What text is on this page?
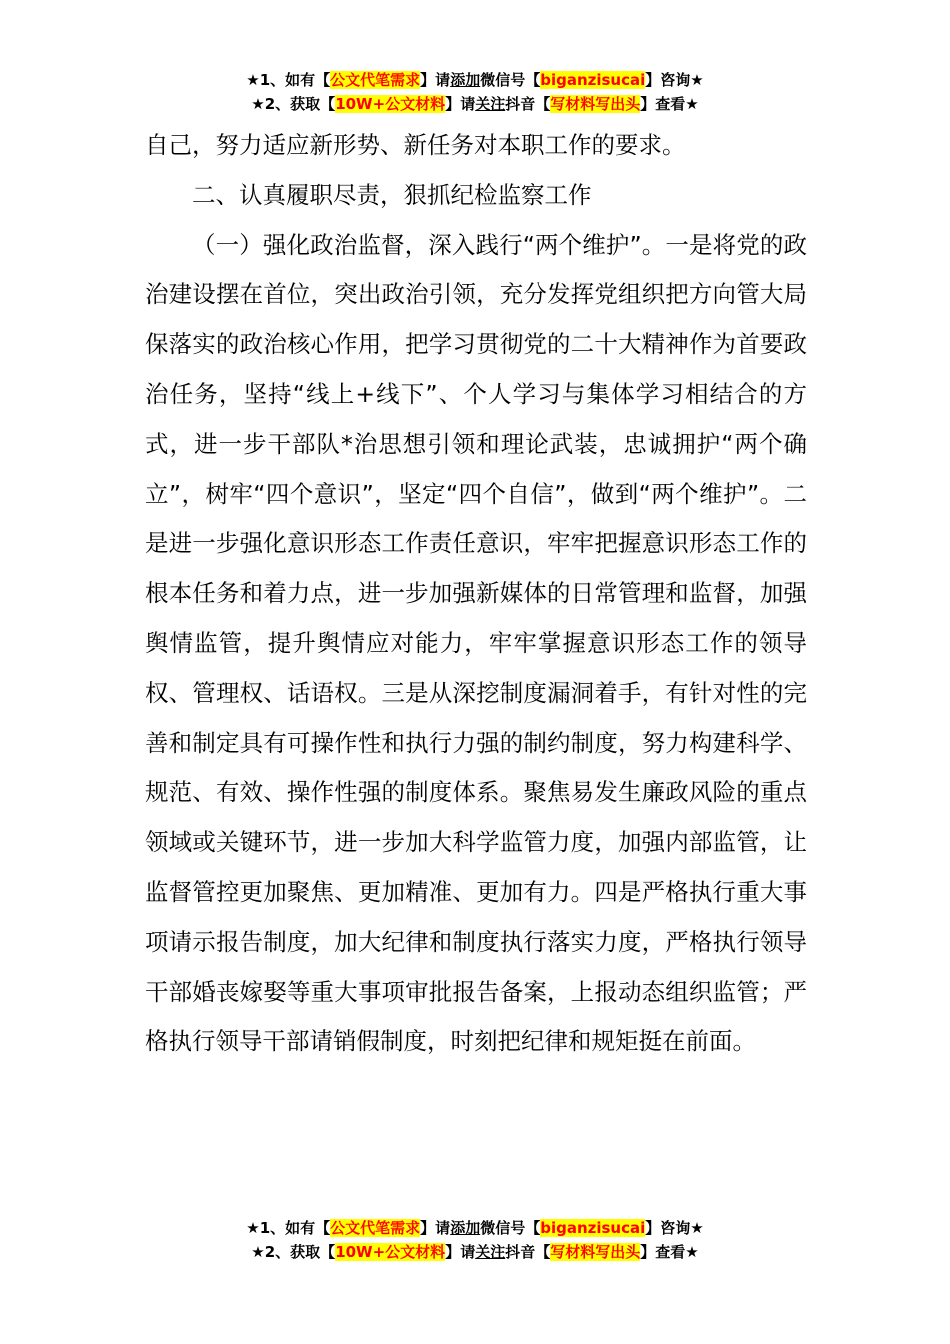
★1、如有【公文代笔需求】请添加微信号【biganzisucai】咨询★
★2、获取【10W+公文材料】请关注抖音【写材料写出头】查看★

自己，努力适应新形势、新任务对本职工作的要求。

二、认真履职尽责，狠抓纪检监察工作

（一）强化政治监督，深入践行“两个维护”。一是将党的政治建设摆在首位，突出政治引领，充分发挥党组织把方向管大局保落实的政治核心作用，把学习贯彻党的二十大精神作为首要政治任务，坚持“线上+线下”、个人学习与集体学习相结合的方式，进一步干部队*治思想引领和理论武装，忠诚拥护“两个确立”，树牢“四个意识”，坚定“四个自信”，做到“两个维护”。二是进一步强化意识形态工作责任意识，牢牢把握意识形态工作的根本任务和着力点，进一步加强新媒体的日常管理和监督，加强舆情监管，提升舆情应对能力，牢牢掌握意识形态工作的领导权、管理权、话语权。三是从深挖制度漏洞着手，有针对性的完善和制定具有可操作性和执行力强的制约制度，努力构建科学、规范、有效、操作性强的制度体系。聚焦易发生廉政风险的重点领域或关键环节，进一步加大科学监管力度，加强内部监管，让监督管控更加聚焦、更加精准、更加有力。四是严格执行重大事项请示报告制度，加大纪律和制度执行落实力度，严格执行领导干部婚丧嫁娶等重大事项审批报告备案，上报动态组织监管；严格执行领导干部请销假制度，时刻把纪律和规矩挺在前面。

★1、如有【公文代笔需求】请添加微信号【biganzisucai】咨询★
★2、获取【10W+公文材料】请关注抖音【写材料写出头】查看★
